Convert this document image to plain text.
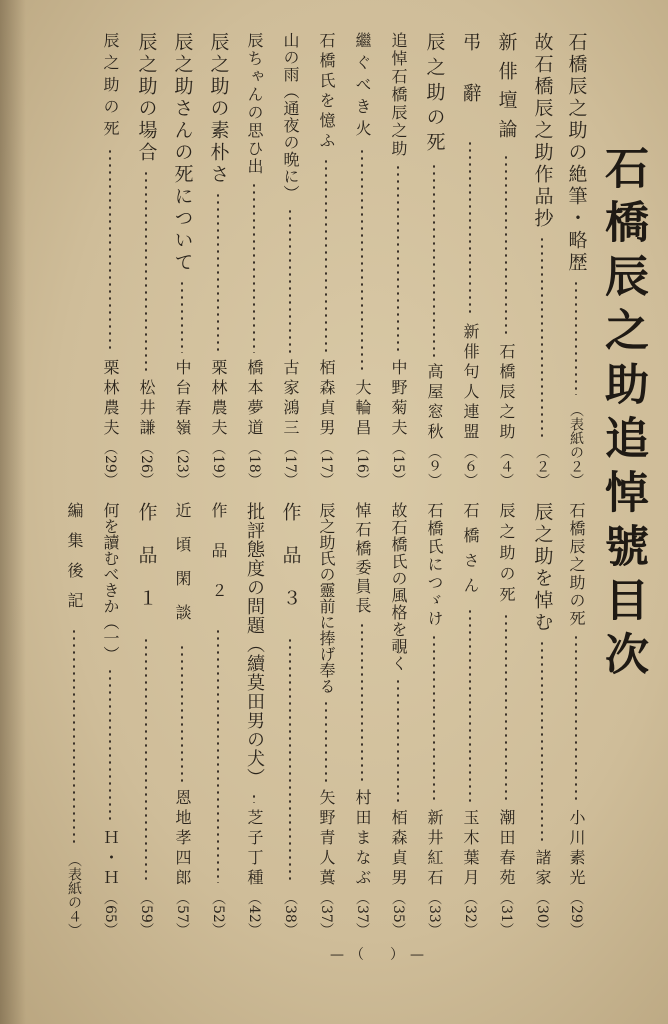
石橋辰之助追悼號目次
石橋辰之助の絶筆・略歴
（表紙の２）
石橋辰之助の死
小川素光
（29）
故石橋辰之助作品抄
（２）
辰之助を悼む
諸家
（30）
新俳壇論
石橋辰之助
（４）
辰之助の死
潮田春苑
（31）
弔辭
新俳句人連盟
（６）
石橋さん
玉木葉月
（32）
辰之助の死
高屋窓秋
（９）
石橋氏につゞけ
新井紅石
（33）
追悼石橋辰之助
中野菊夫
（15）
故石橋氏の風格を覗く
栢森貞男
（35）
繼ぐべき火
大輪昌
（16）
悼石橋委員長
村田まなぶ
（37）
石橋氏を憶ふ
栢森貞男
（17）
辰之助氏の靈前に捧げ奉る
矢野青人蒖
（37）
山の雨（通夜の晩に）
古家鴻三
（17）
作品３
（38）
辰ちゃんの思ひ出
橋本夢道
（18）
批評態度の問題（續莫田男の犬）
芝子丁種
（42）
辰之助の素朴さ
栗林農夫
（19）
作品２
（52）
辰之助さんの死について
中台春嶺
（23）
近頃閑談
恩地孝四郎
（57）
辰之助の場合
松井謙
（26）
作品１
（59）
辰之助の死
栗林農夫
（29）
何を讀むべきか（一）
Ｈ・Ｈ
（65）
編集後記
（表紙の４）
—（　）—
